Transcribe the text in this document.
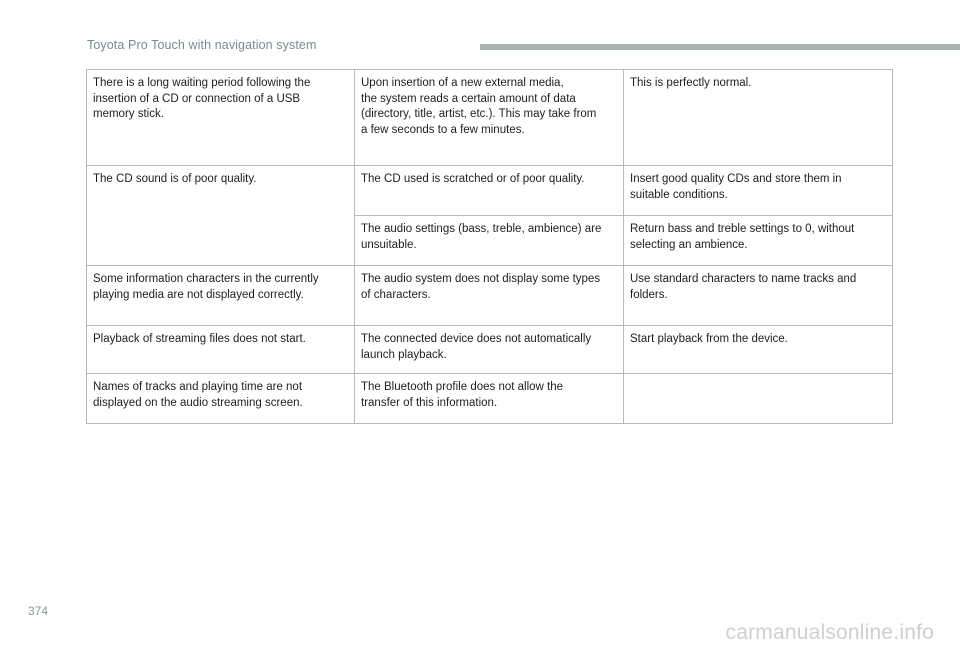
Toyota Pro Touch with navigation system
There is a long waiting period following the
insertion of a CD or connection of a USB
memory stick.	Upon insertion of a new external media,
the system reads a certain amount of data
(directory, title, artist, etc.). This may take from
a few seconds to a few minutes.	This is perfectly normal.

The CD sound is of poor quality.	The CD used is scratched or of poor quality.	Insert good quality CDs and store them in
suitable conditions.

	The audio settings (bass, treble, ambience) are
unsuitable.	Return bass and treble settings to 0, without
selecting an ambience.

Some information characters in the currently
playing media are not displayed correctly.	The audio system does not display some types
of characters.	Use standard characters to name tracks and
folders.

Playback of streaming files does not start.	The connected device does not automatically
launch playback.	Start playback from the device.

Names of tracks and playing time are not
displayed on the audio streaming screen.	The Bluetooth profile does not allow the
transfer of this information.	

374
carmanualsonline.info
